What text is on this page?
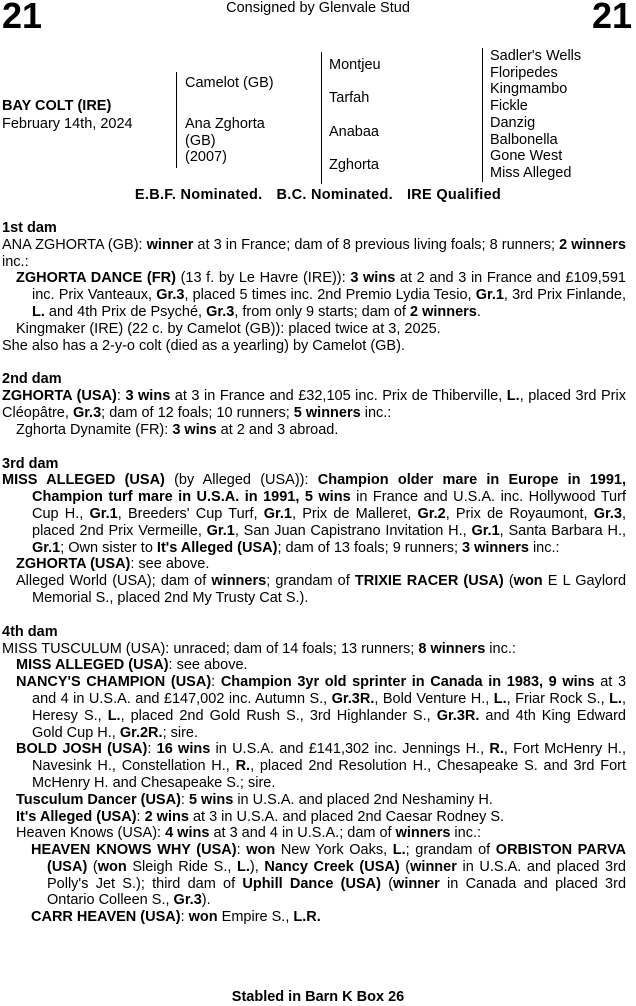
21	Consigned by Glenvale Stud	21
BAY COLT (IRE)
February 14th, 2024
Camelot (GB)
Ana Zghorta
(GB)
(2007)
Montjeu
Tarfah
Anabaa
Zghorta
Sadler's Wells
Floripedes
Kingmambo
Fickle
Danzig
Balbonella
Gone West
Miss Alleged
E.B.F. Nominated. B.C. Nominated. IRE Qualified
1st dam

ANA ZGHORTA (GB): winner at 3 in France; dam of 8 previous living foals; 8 runners; 2 winners inc.:

ZGHORTA DANCE (FR) (13 f. by Le Havre (IRE)): 3 wins at 2 and 3 in France and £109,591 inc. Prix Vanteaux, Gr.3, placed 5 times inc. 2nd Premio Lydia Tesio, Gr.1, 3rd Prix Finlande, L. and 4th Prix de Psyché, Gr.3, from only 9 starts; dam of 2 winners.

Kingmaker (IRE) (22 c. by Camelot (GB)): placed twice at 3, 2025.

She also has a 2-y-o colt (died as a yearling) by Camelot (GB).

2nd dam

ZGHORTA (USA): 3 wins at 3 in France and £32,105 inc. Prix de Thiberville, L., placed 3rd Prix Cléopâtre, Gr.3; dam of 12 foals; 10 runners; 5 winners inc.:

Zghorta Dynamite (FR): 3 wins at 2 and 3 abroad.

3rd dam

MISS ALLEGED (USA) (by Alleged (USA)): Champion older mare in Europe in 1991, Champion turf mare in U.S.A. in 1991, 5 wins in France and U.S.A. inc. Hollywood Turf Cup H., Gr.1, Breeders' Cup Turf, Gr.1, Prix de Malleret, Gr.2, Prix de Royaumont, Gr.3, placed 2nd Prix Vermeille, Gr.1, San Juan Capistrano Invitation H., Gr.1, Santa Barbara H., Gr.1; Own sister to It's Alleged (USA); dam of 13 foals; 9 runners; 3 winners inc.:

ZGHORTA (USA): see above.

Alleged World (USA); dam of winners; grandam of TRIXIE RACER (USA) (won E L Gaylord Memorial S., placed 2nd My Trusty Cat S.).

4th dam

MISS TUSCULUM (USA): unraced; dam of 14 foals; 13 runners; 8 winners inc.:

MISS ALLEGED (USA): see above.

NANCY'S CHAMPION (USA): Champion 3yr old sprinter in Canada in 1983, 9 wins at 3 and 4 in U.S.A. and £147,002 inc. Autumn S., Gr.3R., Bold Venture H., L., Friar Rock S., L., Heresy S., L., placed 2nd Gold Rush S., 3rd Highlander S., Gr.3R. and 4th King Edward Gold Cup H., Gr.2R.; sire.

BOLD JOSH (USA): 16 wins in U.S.A. and £141,302 inc. Jennings H., R., Fort McHenry H., Navesink H., Constellation H., R., placed 2nd Resolution H., Chesapeake S. and 3rd Fort McHenry H. and Chesapeake S.; sire.

Tusculum Dancer (USA): 5 wins in U.S.A. and placed 2nd Neshaminy H.

It's Alleged (USA): 2 wins at 3 in U.S.A. and placed 2nd Caesar Rodney S.

Heaven Knows (USA): 4 wins at 3 and 4 in U.S.A.; dam of winners inc.:

HEAVEN KNOWS WHY (USA): won New York Oaks, L.; grandam of ORBISTON PARVA (USA) (won Sleigh Ride S., L.), Nancy Creek (USA) (winner in U.S.A. and placed 3rd Polly's Jet S.); third dam of Uphill Dance (USA) (winner in Canada and placed 3rd Ontario Colleen S., Gr.3).

CARR HEAVEN (USA): won Empire S., L.R.

Stabled in Barn K Box 26
